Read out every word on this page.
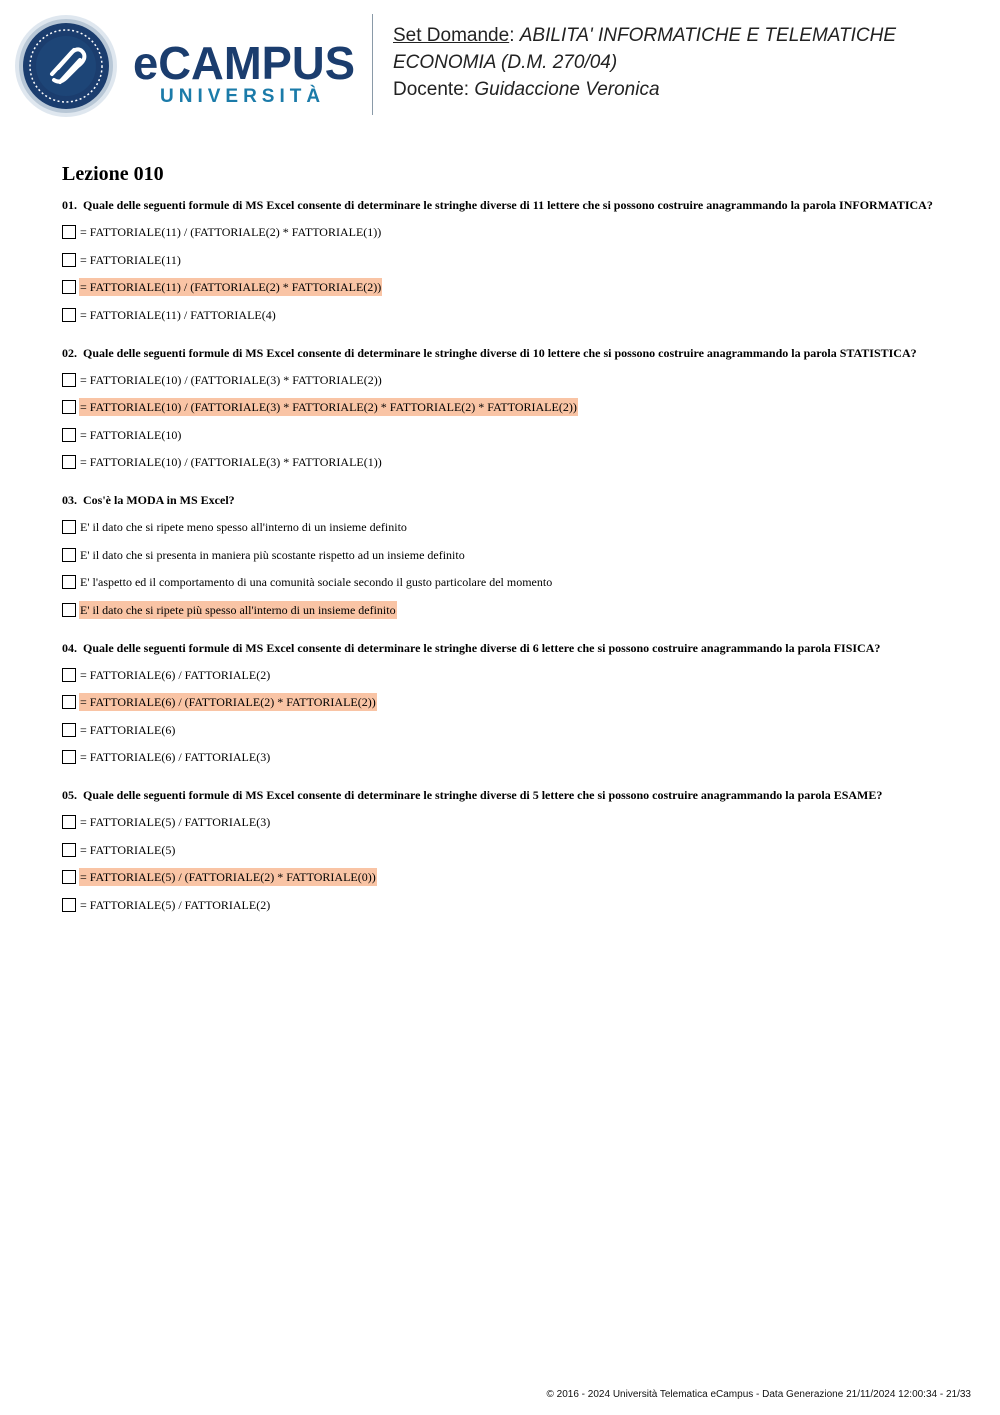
eCAMPUS
UNIVERSITÀ
Set Domande: ABILITA' INFORMATICHE E TELEMATICHE
ECONOMIA (D.M. 270/04)
Docente: Guidaccione Veronica
Lezione 010
01. Quale delle seguenti formule di MS Excel consente di determinare le stringhe diverse di 11 lettere che si possono costruire anagrammando la parola INFORMATICA?
= FATTORIALE(11) / (FATTORIALE(2) * FATTORIALE(1))
= FATTORIALE(11)
= FATTORIALE(11) / (FATTORIALE(2) * FATTORIALE(2))
= FATTORIALE(11) / FATTORIALE(4)
02. Quale delle seguenti formule di MS Excel consente di determinare le stringhe diverse di 10 lettere che si possono costruire anagrammando la parola STATISTICA?
= FATTORIALE(10) / (FATTORIALE(3) * FATTORIALE(2))
= FATTORIALE(10) / (FATTORIALE(3) * FATTORIALE(2) * FATTORIALE(2) * FATTORIALE(2))
= FATTORIALE(10)
= FATTORIALE(10) / (FATTORIALE(3) * FATTORIALE(1))
03. Cos'è la MODA in MS Excel?
E' il dato che si ripete meno spesso all'interno di un insieme definito
E' il dato che si presenta in maniera più scostante rispetto ad un insieme definito
E' l'aspetto ed il comportamento di una comunità sociale secondo il gusto particolare del momento
E' il dato che si ripete più spesso all'interno di un insieme definito
04. Quale delle seguenti formule di MS Excel consente di determinare le stringhe diverse di 6 lettere che si possono costruire anagrammando la parola FISICA?
= FATTORIALE(6) / FATTORIALE(2)
= FATTORIALE(6) / (FATTORIALE(2) * FATTORIALE(2))
= FATTORIALE(6)
= FATTORIALE(6) / FATTORIALE(3)
05. Quale delle seguenti formule di MS Excel consente di determinare le stringhe diverse di 5 lettere che si possono costruire anagrammando la parola ESAME?
= FATTORIALE(5) / FATTORIALE(3)
= FATTORIALE(5)
= FATTORIALE(5) / (FATTORIALE(2) * FATTORIALE(0))
= FATTORIALE(5) / FATTORIALE(2)
© 2016 - 2024 Università Telematica eCampus - Data Generazione 21/11/2024 12:00:34 - 21/33
